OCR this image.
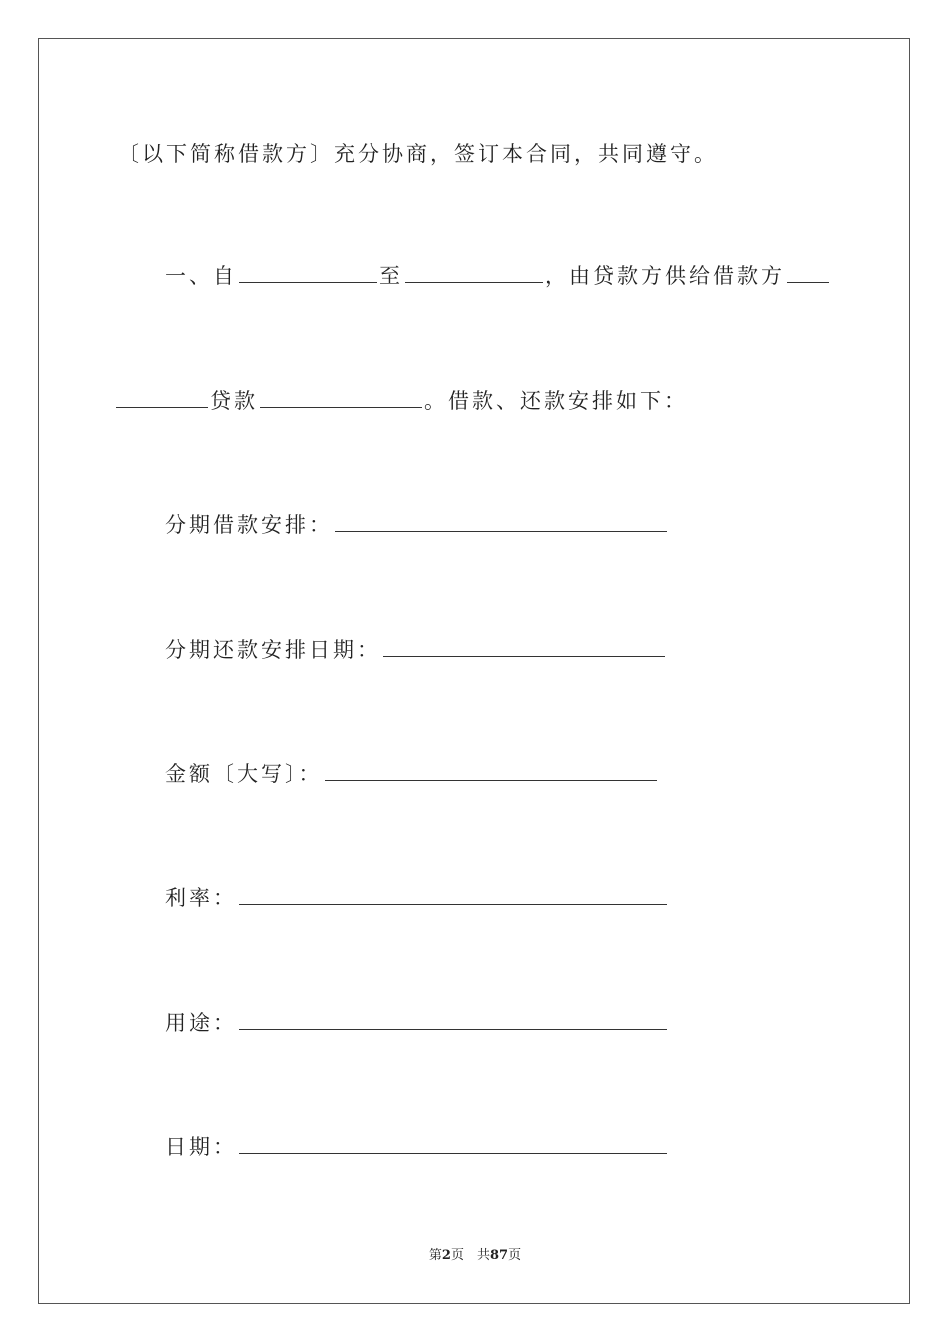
〔以下简称借款方〕充分协商，签订本合同，共同遵守。
一、自	至	，由贷款方供给借款方
贷款	。借款、还款安排如下：
分期借款安排：
分期还款安排日期：
金额〔大写〕：
利率：
用途：
日期：
第2页　共87页
